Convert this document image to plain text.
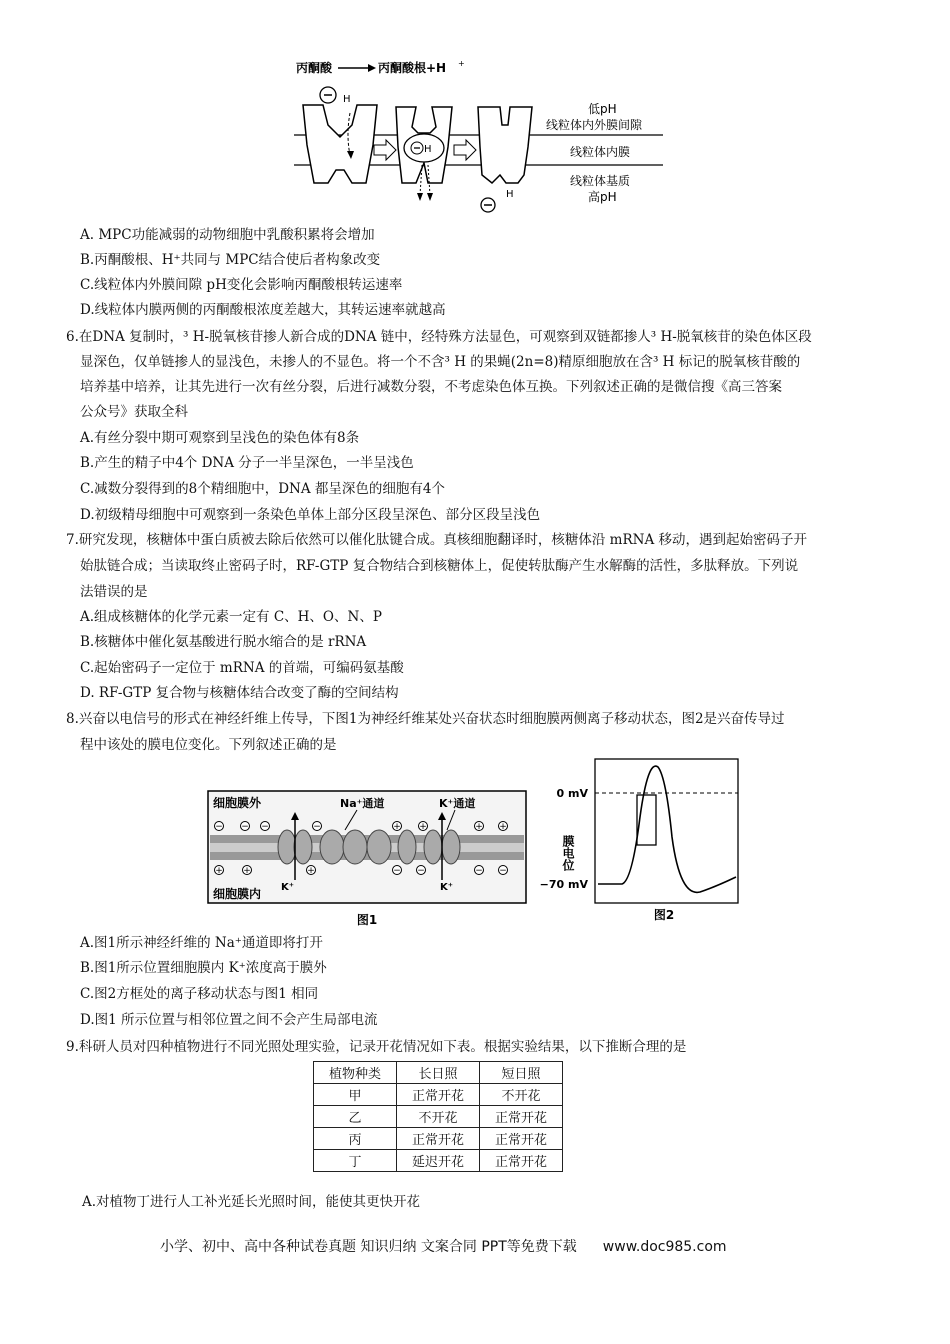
丙酮酸	丙酮酸根+H +
H
H
H
低pH
线粒体内外膜间隙
线粒体内膜
线粒体基质
高pH
A. MPC功能减弱的动物细胞中乳酸积累将会增加
B.丙酮酸根、H⁺共同与 MPC结合使后者构象改变
C.线粒体内外膜间隙 pH变化会影响丙酮酸根转运速率
D.线粒体内膜两侧的丙酮酸根浓度差越大，其转运速率就越高
6.在DNA 复制时，³ H-脱氧核苷掺人新合成的DNA 链中，经特殊方法显色，可观察到双链都掺人³ H-脱氧核苷的染色体区段
显深色，仅单链掺人的显浅色，未掺人的不显色。将一个不含³ H 的果蝇(2n=8)精原细胞放在含³ H 标记的脱氧核苷酸的
培养基中培养，让其先进行一次有丝分裂，后进行减数分裂，不考虑染色体互换。下列叙述正确的是微信搜《高三答案
公众号》获取全科
A.有丝分裂中期可观察到呈浅色的染色体有8条
B.产生的精子中4个 DNA 分子一半呈深色，一半呈浅色
C.减数分裂得到的8个精细胞中，DNA 都呈深色的细胞有4个
D.初级精母细胞中可观察到一条染色单体上部分区段呈深色、部分区段呈浅色
7.研究发现，核糖体中蛋白质被去除后依然可以催化肽键合成。真核细胞翻译时，核糖体沿 mRNA 移动，遇到起始密码子开
始肽链合成；当读取终止密码子时，RF-GTP 复合物结合到核糖体上，促使转肽酶产生水解酶的活性，多肽释放。下列说
法错误的是
A.组成核糖体的化学元素一定有 C、H、O、N、P
B.核糖体中催化氨基酸进行脱水缩合的是 rRNA
C.起始密码子一定位于 mRNA 的首端，可编码氨基酸
D. RF-GTP 复合物与核糖体结合改变了酶的空间结构
8.兴奋以电信号的形式在神经纤维上传导，下图1为神经纤维某处兴奋状态时细胞膜两侧离子移动状态，图2是兴奋传导过
程中该处的膜电位变化。下列叙述正确的是
细胞膜外
细胞膜内
Na⁺通道	K⁺通道
− − −	−	+ +	+ +
+ +	+	− −	− −
K⁺	K⁺
图1
0 mV
−70 mV
膜电位
图2
A.图1所示神经纤维的 Na⁺通道即将打开
B.图1所示位置细胞膜内 K⁺浓度高于膜外
C.图2方框处的离子移动状态与图1 相同
D.图1 所示位置与相邻位置之间不会产生局部电流
9.科研人员对四种植物进行不同光照处理实验，记录开花情况如下表。根据实验结果，以下推断合理的是
植物种类	长日照	短日照
甲	正常开花	不开花
乙	不开花	正常开花
丙	正常开花	正常开花
丁	延迟开花	正常开花
A.对植物丁进行人工补光延长光照时间，能使其更快开花
小学、初中、高中各种试卷真题 知识归纳 文案合同 PPT等免费下载 www.doc985.com
